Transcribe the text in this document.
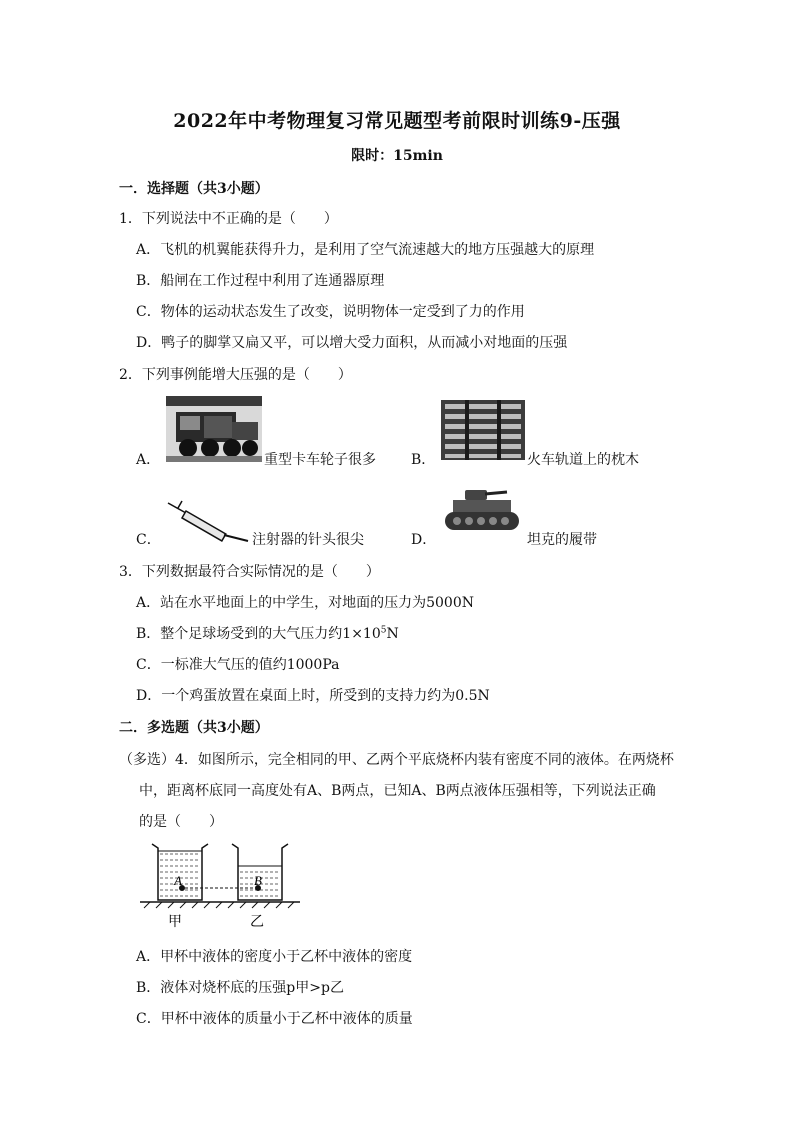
2022年中考物理复习常见题型考前限时训练9-压强
限时：15min
一．选择题（共3小题）
1．下列说法中不正确的是（　　）
A．飞机的机翼能获得升力，是利用了空气流速越大的地方压强越大的原理
B．船闸在工作过程中利用了连通器原理
C．物体的运动状态发生了改变，说明物体一定受到了力的作用
D．鸭子的脚掌又扁又平，可以增大受力面积，从而减小对地面的压强
2．下列事例能增大压强的是（　　）
A．	重型卡车轮子很多	B．	火车轨道上的枕木
C．	注射器的针头很尖	D．	坦克的履带
3．下列数据最符合实际情况的是（　　）
A．站在水平地面上的中学生，对地面的压力为5000N
B．整个足球场受到的大气压力约$1\times 10^5N$
C．一标准大气压的值约1000Pa
D．一个鸡蛋放置在桌面上时，所受到的支持力约为0.5N
二．多选题（共3小题）
（多选）4．如图所示，完全相同的甲、乙两个平底烧杯内装有密度不同的液体。在两烧杯
中，距离杯底同一高度处有A、B两点，已知A、B两点液体压强相等，下列说法正确
的是（　　）
A	B
甲	乙
A．甲杯中液体的密度小于乙杯中液体的密度
B．液体对烧杯底的压强p甲>p乙
C．甲杯中液体的质量小于乙杯中液体的质量
